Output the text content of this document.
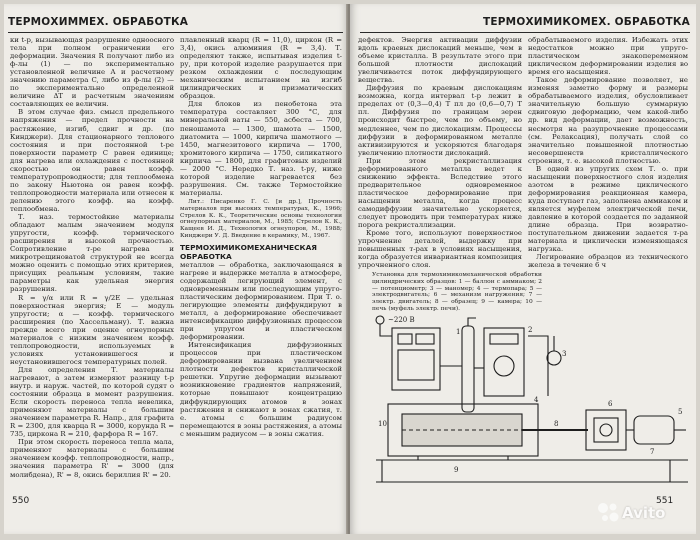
ТЕРМОХИММЕХ. ОБРАБОТКА

ки t-р, вызывающая разрушение одноосного тела при полном ограничении его деформации. Значения R получают либо из ф-лы (1) — по экспериментально установленной величине A и расчетному значению параметра C, либо из ф-лы (2) — по экспериментально определенной величине ΔT и расчетным значениям составляющих ее величин.

В этом случае физ. смысл предельного напряжения — предел прочности на растяжение, изгиб, сдвиг и др. (по Кинджери). Для стационарного теплового состояния и при постоянной t-ре поверхности параметр C равен единице; для нагрева или охлаждения с постоянной скоростью он равен коэфф. температуропроводности; для теплообмена по закону Ньютона он равен коэфф. теплопроводности материала или отнесен к делению этого коэфф. на коэфф. теплообмена.

Т. наз. термостойкие материалы обладают малым значением модуля упругости, коэфф. термического расширения и высокой прочностью. Сопротивление т-ре нагрева и микротрещиноватой структурой не всегда можно оценить с помощью этих критериев, присущих реальным условиям, такие параметры как удельная энергия разрушения.

R = γ/α или R = γ/2E — удельная поверхностная энергия; E — модуль упругости; α — коэфф. термического расширения (по Хассельману). Т. важна прежде всего при оценке огнеупорных материалов с низким значением коэфф. теплопроводности, используемых в условиях установившегося и неустановившегося температурных полей.

Для определения Т. материалы нагревают, а затем измеряют разницу t-р внутр. и наруж. частей, по которой судят о состоянии образца в момент разрушения. Если скорость переноса тепла невелика, применяют материалы с большим значением параметра R. Напр., для графита R = 2300, для кварца R = 3000, корунда R = 735, циркона R = 210, фарфора R = 167.

При этом скорость переноса тепла мала, применяют материалы с большим значением коэфф. теплопроводности, напр., значения параметра R' = 3000 (для молибдена), R' = 8, окись бериллия R' = 20.

плавленный кварц (R = 11,0), циркон (R = 3,4), окись алюминия (R = 3,4). Т. определяют также, испытывая изделия t-ру, при которой изделие разрушается при резком охлаждении с последующим механическим испытанием на изгиб цилиндрических и призматических образцов.

Для блоков из пенобетона эта температура составляет 300 °С, для минеральной ваты — 550, асбеста — 700, пеношамота — 1300, шамота — 1500, диатомита — 1000, кирпича шамотного — 1450, магнезитового кирпича — 1700, хромитового кирпича — 1750, силикатного кирпича — 1800, для графитовых изделий — 2000 °С. Нередко Т. наз. t-ру, ниже которой изделие нагревается без разрушения. См. также Термостойкие материалы.

Лит.: Писаренко Г. С. [и др.], Прочность материалов при высоких температурах, К., 1966; Стрелов К. К., Теоретические основы технологии огнеупорных материалов, М., 1985; Стрелов К. К., Кащеев И. Д., Технология огнеупоров, М., 1988; Кинджери У. Д. Введение в керамику, М., 1967.

ТЕРМОХИМИКОМЕХАНИЧЕСКАЯ ОБРАБОТКА

металлов — обработка, заключающаяся в нагреве и выдержке металла в атмосфере, содержащей легирующий элемент, с одновременным или последующим упруго-пластическим деформированием. При Т. о. легирующие элементы диффундируют в металл, а деформирование обеспечивает интенсификацию диффузионных процессов при упругом и пластическом деформировании.

Интенсификация диффузионных процессов при пластическом деформировании вызвана увеличением плотности дефектов кристаллической решетки. Упругие деформации вызывают возникновение градиентов напряжений, которые повышают концентрацию диффундирующих атомов в зонах растяжения и снижают в зонах сжатия, т. е. атомы с большим радиусом перемещаются в зоны растяжения, а атомы с меньшим радиусом — в зоны сжатия.

550
ТЕРМОХИМИКОМЕХ. ОБРАБОТКА

дефектов. Энергия активации диффузии вдоль краевых дислокаций меньше, чем в объеме кристалла. В результате этого при большой плотности дислокаций увеличивается поток диффундирующего вещества.

Диффузия по краевым дислокациям возможна, когда интервал t-р лежит в пределах от (0,3—0,4) T пл до (0,6—0,7) T пл. Диффузия по границам зерен происходит быстрее, чем по объему, но медленнее, чем по дислокациям. Процессы диффузии в деформированном металле активизируются и ускоряются благодаря увеличению плотности дислокаций.

При этом рекристаллизация деформированного металла ведет к снижению эффекта. Вследствие этого предварительное одновременное пластическое деформирование при насыщении металла, когда процесс самодиффузии значительно ускоряется, следует проводить при температурах ниже порога рекристаллизации.

Кроме того, используют поверхностное упрочнение деталей, выдержку при повышенных т-рах в условиях насыщения, когда образуется инвариантная композиция упрочненного слоя.

обрабатываемого изделия. Избежать этих недостатков можно при упруго-пластическом знакопеременном циклическом деформировании изделия во время его насыщения.

Такое деформирование позволяет, не изменяя заметно форму и размеры обрабатываемого изделия, обусловливает значительную большую суммарную сдвиговую деформацию, чем какой-либо др. вид деформации, дает возможность, несмотря на разупрочнение процессами (см. Релаксация), получать слой со значительно повышенной плотностью несовершенств кристаллического строения, т. е. высокой плотностью.

В одной из упругих схем Т. о. при насыщении поверхностного слоя изделия азотом в режиме циклического деформирования реакционная камера, куда поступает газ, заполнена аммиаком и является муфелем электрической печи, давление в которой создается по заданной длине образца. При возвратно-поступательном движении задается т-ра материала и циклически изменяющаяся нагрузка.

Легирование образцов из технического железа в течение 6 ч

Установка для термохимикомеханической обработки цилиндрических образцов: 1 — баллон с аммиаком; 2 — потенциометр; 3 — маномер; 4 — термопара; 5 — электродвигатель; 6 — механизм нагружения; 7 — электр. двигатель; 8 — образец; 9 — камера; 10 — печь (муфель электр. печи).
~220 В
1	2
3
4
5
6
7
8
9
10
551
Avito
